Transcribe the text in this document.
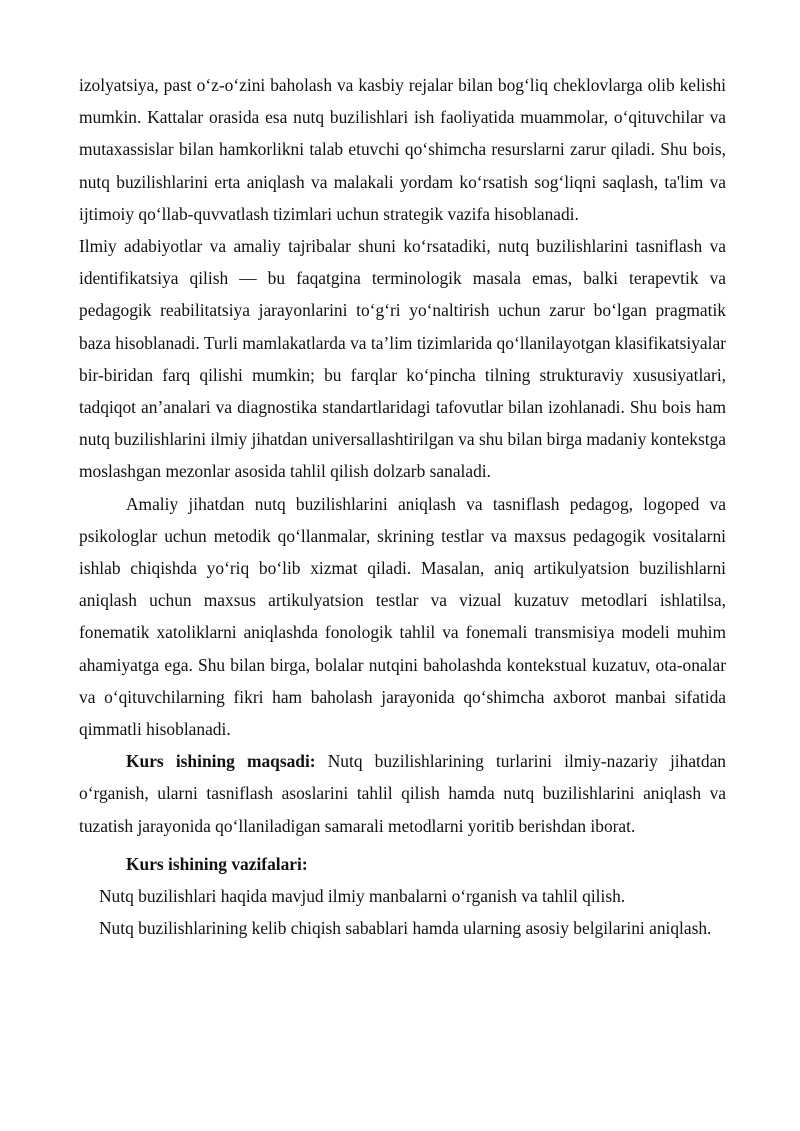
izolyatsiya, past o‘z-o‘zini baholash va kasbiy rejalar bilan bog‘liq cheklovlarga olib kelishi mumkin. Kattalar orasida esa nutq buzilishlari ish faoliyatida muammolar, o‘qituvchilar va mutaxassislar bilan hamkorlikni talab etuvchi qo‘shimcha resurslarni zarur qiladi. Shu bois, nutq buzilishlarini erta aniqlash va malakali yordam ko‘rsatish sog‘liqni saqlash, ta'lim va ijtimoiy qo‘llab-quvvatlash tizimlari uchun strategik vazifa hisoblanadi.

Ilmiy adabiyotlar va amaliy tajribalar shuni ko‘rsatadiki, nutq buzilishlarini tasniflash va identifikatsiya qilish — bu faqatgina terminologik masala emas, balki terapevtik va pedagogik reabilitatsiya jarayonlarini to‘g‘ri yo‘naltirish uchun zarur bo‘lgan pragmatik baza hisoblanadi. Turli mamlakatlarda va ta’lim tizimlarida qo‘llanilayotgan klasifikatsiyalar bir-biridan farq qilishi mumkin; bu farqlar ko‘pincha tilning strukturaviy xususiyatlari, tadqiqot an’analari va diagnostika standartlaridagi tafovutlar bilan izohlanadi. Shu bois ham nutq buzilishlarini ilmiy jihatdan universallashtirilgan va shu bilan birga madaniy kontekstga moslashgan mezonlar asosida tahlil qilish dolzarb sanaladi.

Amaliy jihatdan nutq buzilishlarini aniqlash va tasniflash pedagog, logoped va psikologlar uchun metodik qo‘llanmalar, skrining testlar va maxsus pedagogik vositalarni ishlab chiqishda yo‘riq bo‘lib xizmat qiladi. Masalan, aniq artikulyatsion buzilishlarni aniqlash uchun maxsus artikulyatsion testlar va vizual kuzatuv metodlari ishlatilsa, fonematik xatoliklarni aniqlashda fonologik tahlil va fonemali transmisiya modeli muhim ahamiyatga ega. Shu bilan birga, bolalar nutqini baholashda kontekstual kuzatuv, ota-onalar va o‘qituvchilarning fikri ham baholash jarayonida qo‘shimcha axborot manbai sifatida qimmatli hisoblanadi.

Kurs ishining maqsadi: Nutq buzilishlarining turlarini ilmiy-nazariy jihatdan o‘rganish, ularni tasniflash asoslarini tahlil qilish hamda nutq buzilishlarini aniqlash va tuzatish jarayonida qo‘llaniladigan samarali metodlarni yoritib berishdan iborat.

Kurs ishining vazifalari:

Nutq buzilishlari haqida mavjud ilmiy manbalarni o‘rganish va tahlil qilish.

Nutq buzilishlarining kelib chiqish sabablari hamda ularning asosiy belgilarini aniqlash.
